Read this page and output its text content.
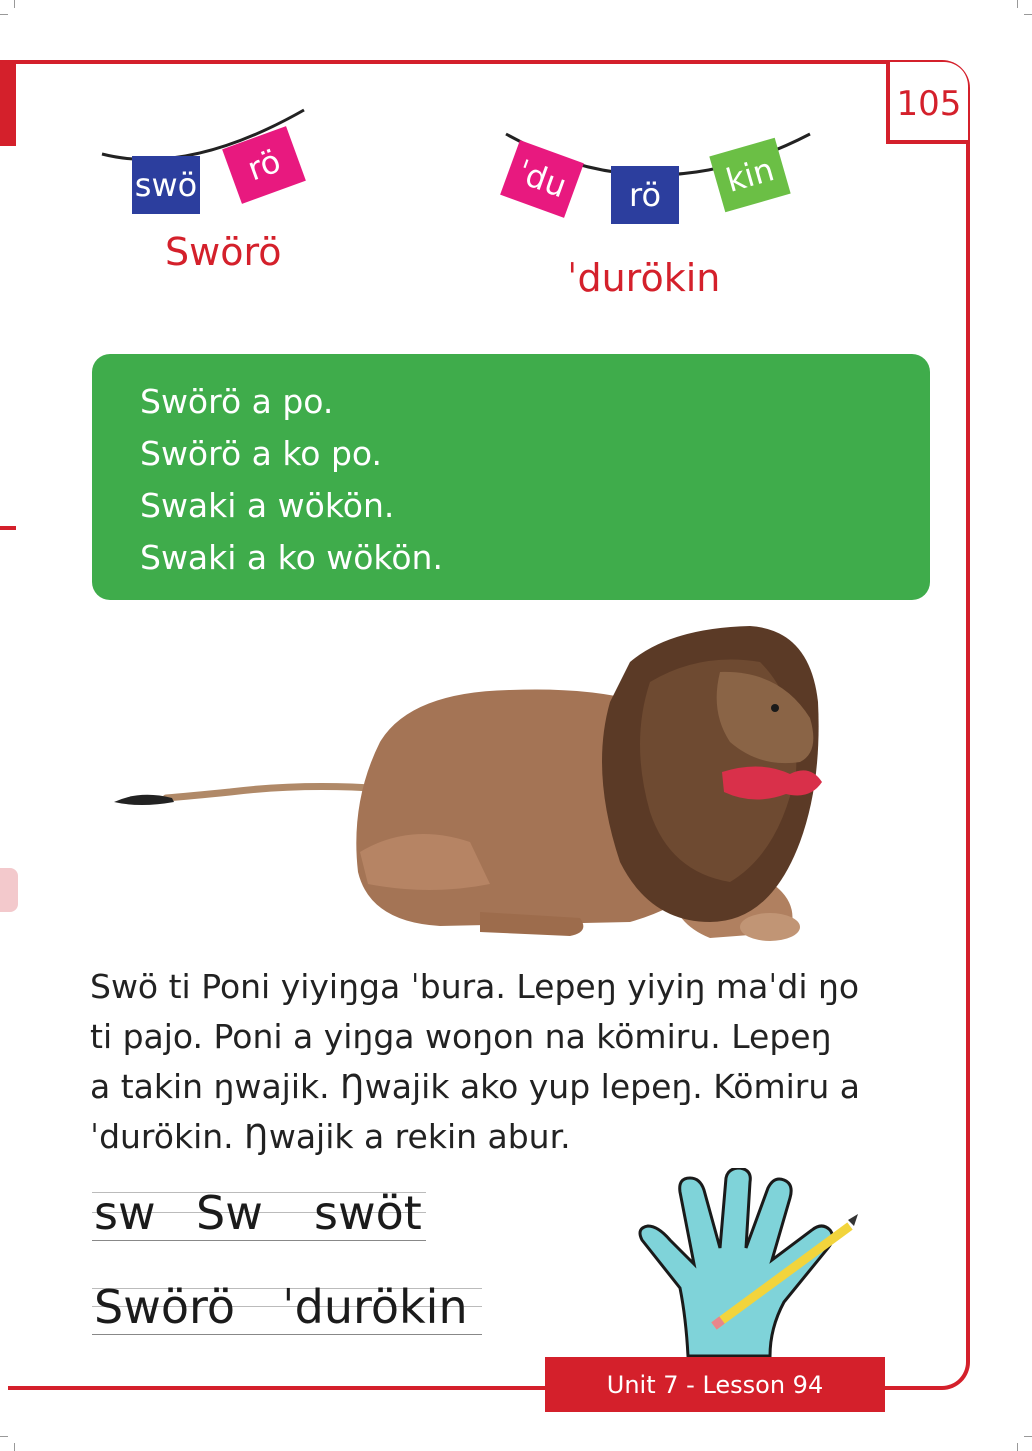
105
swö	rö
Swörö
ˈdu	rö	kin
ˈdurökin
Swörö a po.
Swörö a ko po.
Swaki a wökön.
Swaki a ko wökön.
Swö ti Poni yiyiŋga ˈbura. Lepeŋ yiyiŋ maˈdi ŋo
ti pajo. Poni a yiŋga woŋon na kömiru. Lepeŋ
a takin ŋwajik. Ŋwajik ako yup lepeŋ. Kömiru a
ˈdurökin. Ŋwajik a rekin abur.
sw Sw swöt
Swörö ˈdurökin
Unit 7 - Lesson 94
